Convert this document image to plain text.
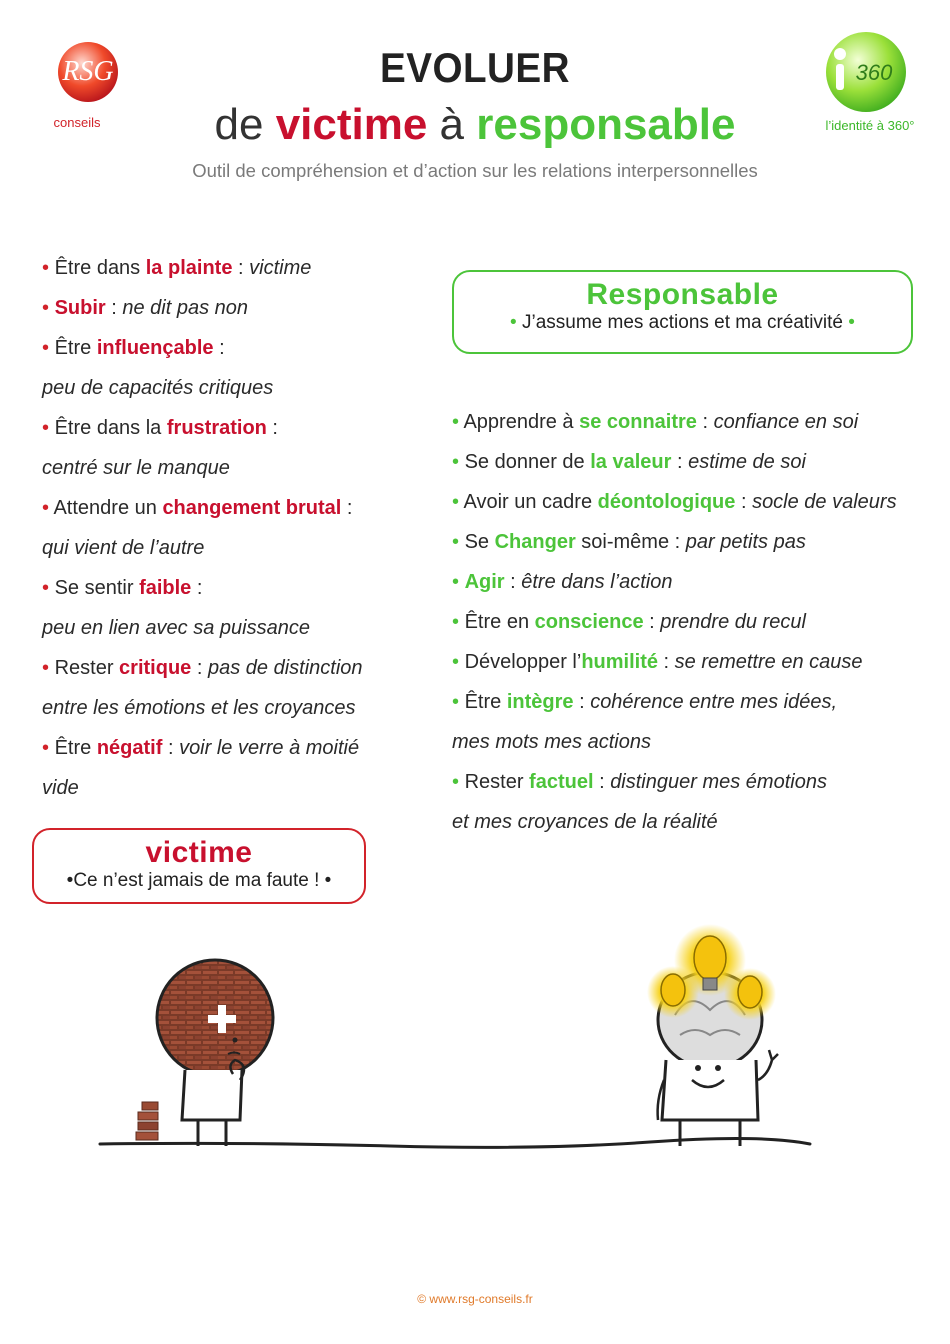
RSG
conseils
360
l’identité à 360°
EVOLUER
de victime à responsable
Outil de compréhension et d’action sur les relations interpersonnelles
Responsable
• J’assume mes actions et ma créativité •
• Être dans la plainte : victime
• Subir : ne dit pas non
• Être influençable :
peu de capacités critiques
• Être dans la frustration :
centré sur le manque
• Attendre un changement brutal :
qui vient de l’autre
• Se sentir faible :
peu en lien avec sa puissance
• Rester critique : pas de distinction
entre les émotions et les croyances
• Être négatif : voir le verre à moitié
vide
• Apprendre à se connaitre : confiance en soi
• Se donner de la valeur : estime de soi
• Avoir un cadre déontologique : socle de valeurs
• Se Changer soi-même : par petits pas
• Agir : être dans l’action
• Être en conscience : prendre du recul
• Développer l’humilité : se remettre en cause
• Être intègre : cohérence entre mes idées,
mes mots mes actions
• Rester factuel : distinguer mes émotions
et mes croyances de la réalité
victime
•Ce n’est jamais de ma faute ! •
© www.rsg-conseils.fr
